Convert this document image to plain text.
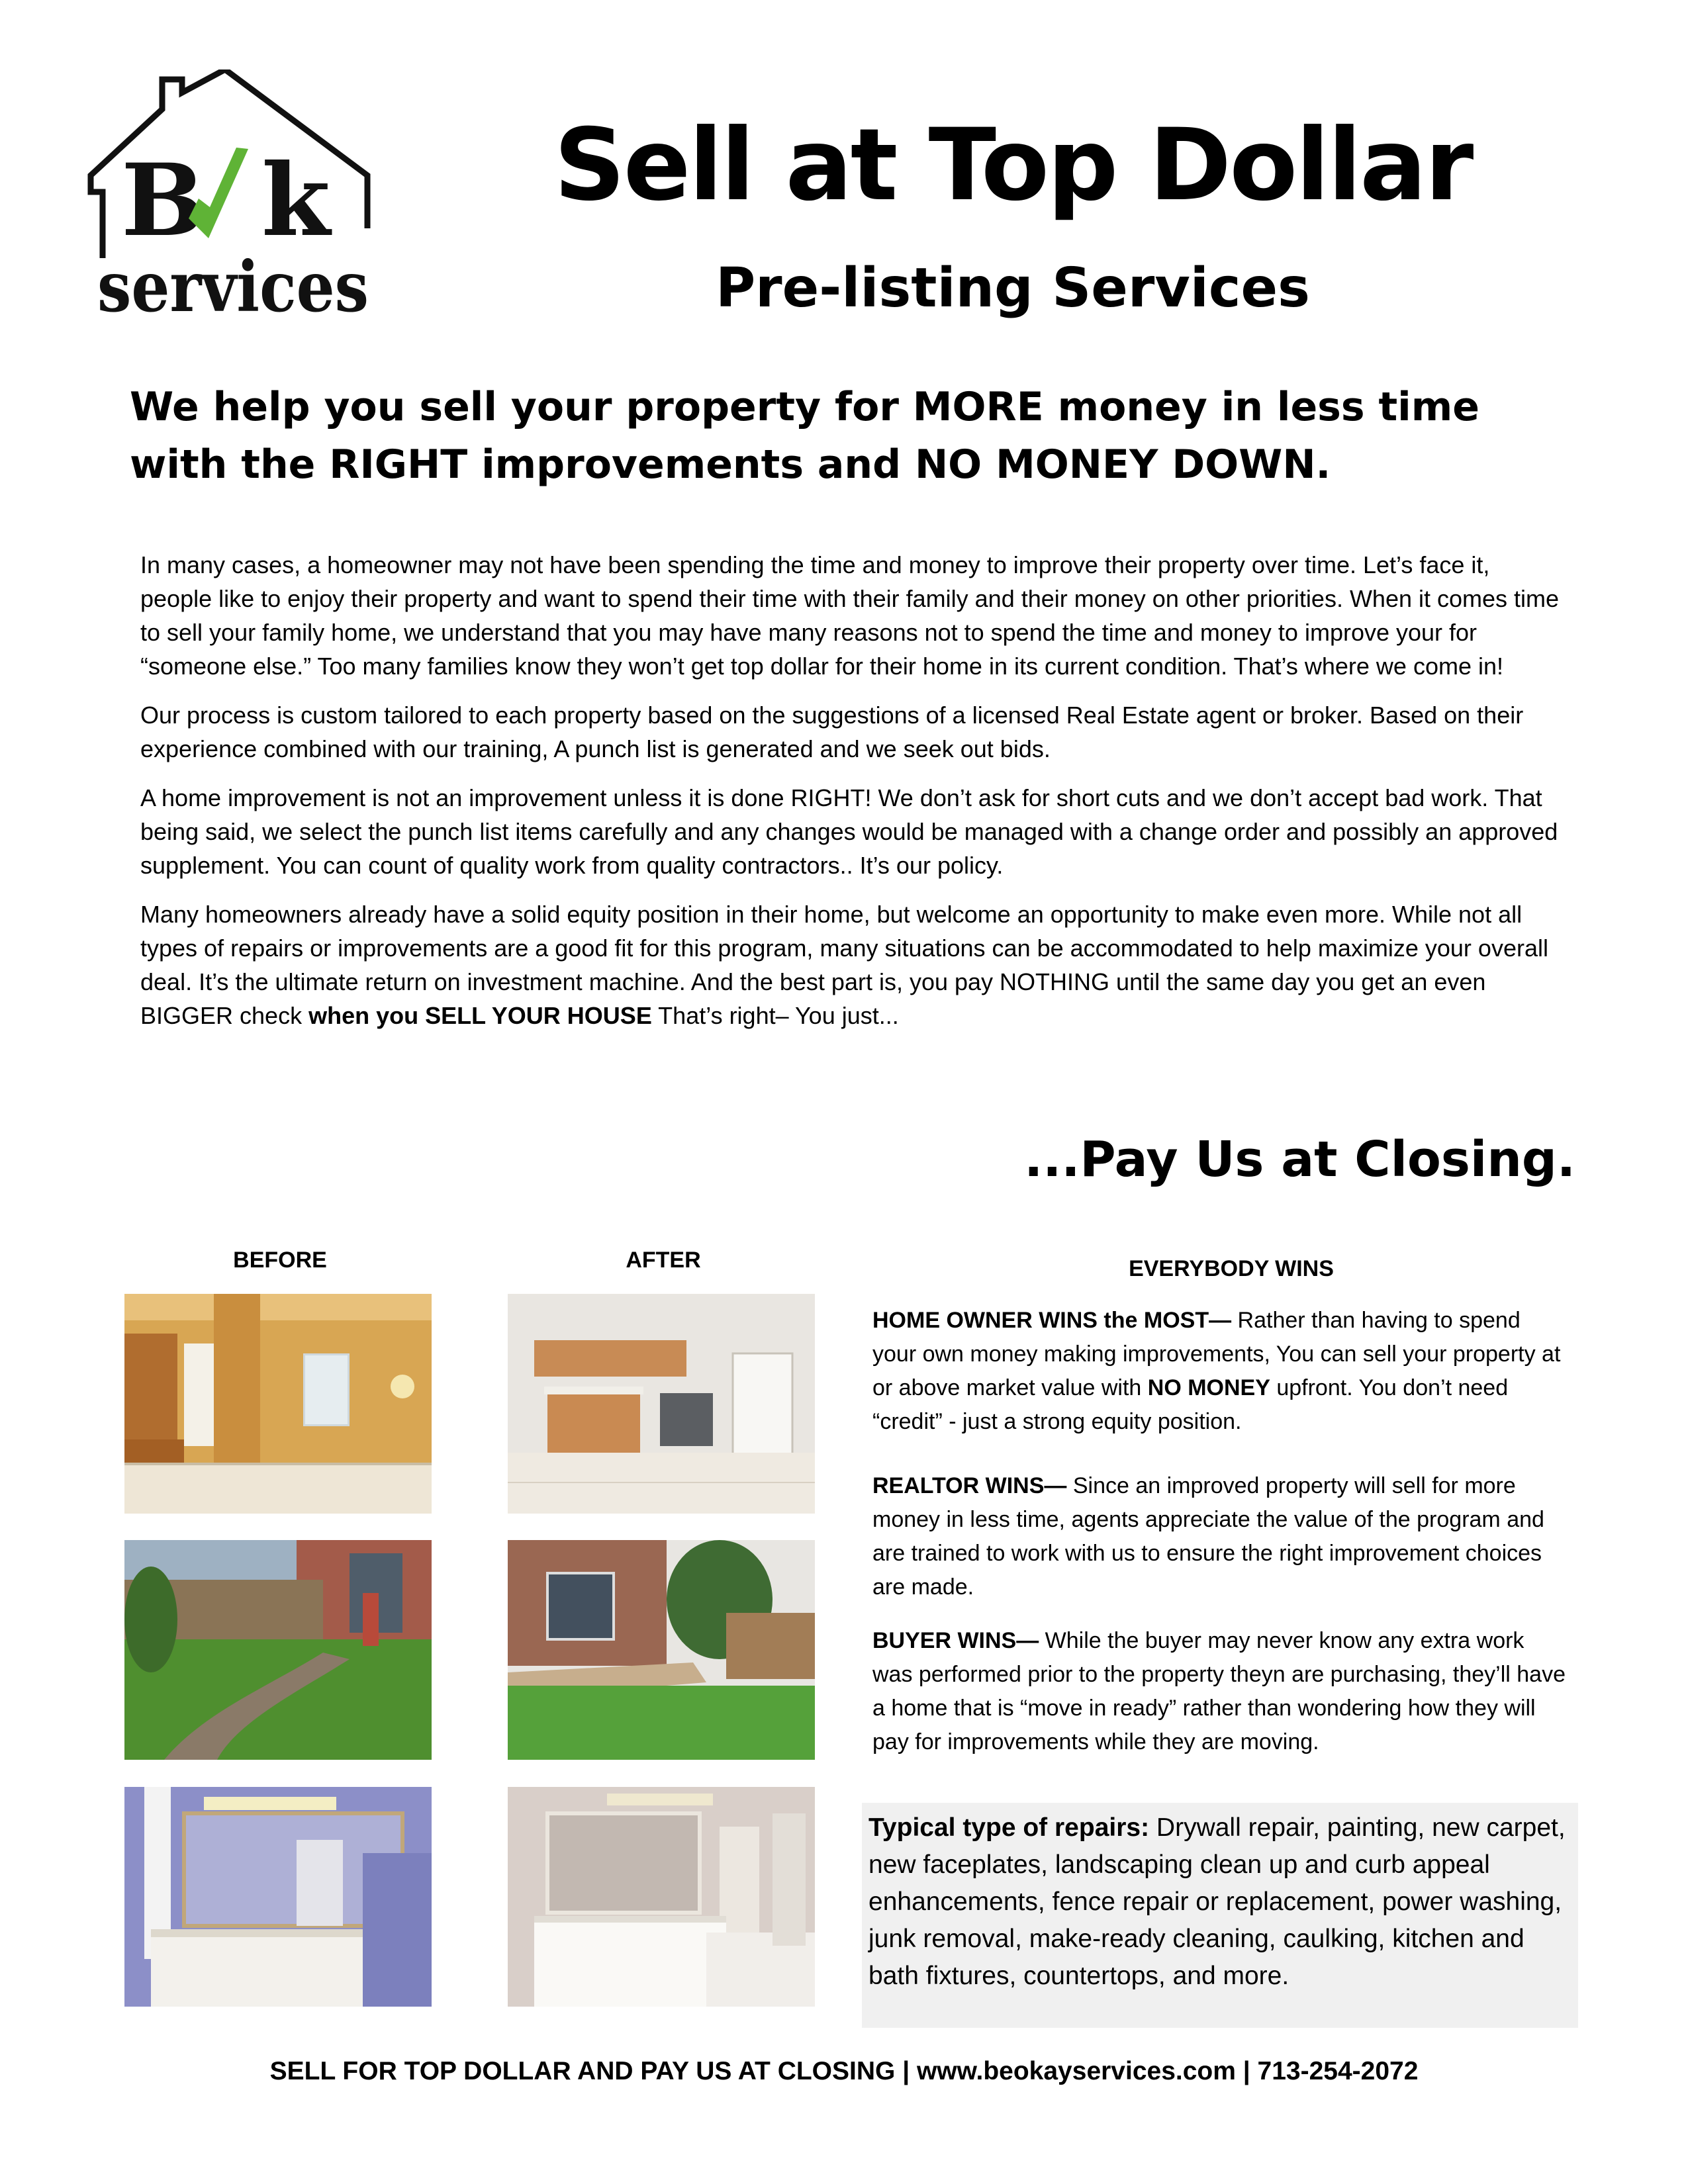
B k
services
Sell at Top Dollar
Pre-listing Services
We help you sell your property for MORE money in less time
with the RIGHT improvements and NO MONEY DOWN.

In many cases, a homeowner may not have been spending the time and money to improve their property over time. Let’s face it, people like to enjoy their property and want to spend their time with their family and their money on other priorities. When it comes time to sell your family home, we understand that you may have many reasons not to spend the time and money to improve your for “someone else.” Too many families know they won’t get top dollar for their home in its current condition. That’s where we come in!

Our process is custom tailored to each property based on the suggestions of a licensed Real Estate agent or broker. Based on their experience combined with our training, A punch list is generated and we seek out bids.

A home improvement is not an improvement unless it is done RIGHT! We don’t ask for short cuts and we don’t accept bad work. That being said, we select the punch list items carefully and any changes would be managed with a change order and possibly an approved supplement. You can count of quality work from quality contractors.. It’s our policy.

Many homeowners already have a solid equity position in their home, but welcome an opportunity to make even more. While not all types of repairs or improvements are a good fit for this program, many situations can be accommodated to help maximize your overall deal. It’s the ultimate return on investment machine. And the best part is, you pay NOTHING until the same day you get an even BIGGER check when you SELL YOUR HOUSE That’s right– You just...

...Pay Us at Closing.
BEFORE	AFTER	EVERYBODY WINS

HOME OWNER WINS the MOST— Rather than having to spend your own money making improvements, You can sell your property at or above market value with NO MONEY upfront. You don’t need “credit” - just a strong equity position.

REALTOR WINS— Since an improved property will sell for more money in less time, agents appreciate the value of the program and are trained to work with us to ensure the right improvement choices are made.

BUYER WINS— While the buyer may never know any extra work was performed prior to the property theyn are purchasing, they’ll have a home that is “move in ready” rather than wondering how they will pay for improvements while they are moving.

Typical type of repairs: Drywall repair, painting, new carpet, new faceplates, landscaping clean up and curb appeal enhancements, fence repair or replacement, power washing, junk removal, make-ready cleaning, caulking, kitchen and bath fixtures, countertops, and more.
SELL FOR TOP DOLLAR AND PAY US AT CLOSING | www.beokayservices.com | 713-254-2072
